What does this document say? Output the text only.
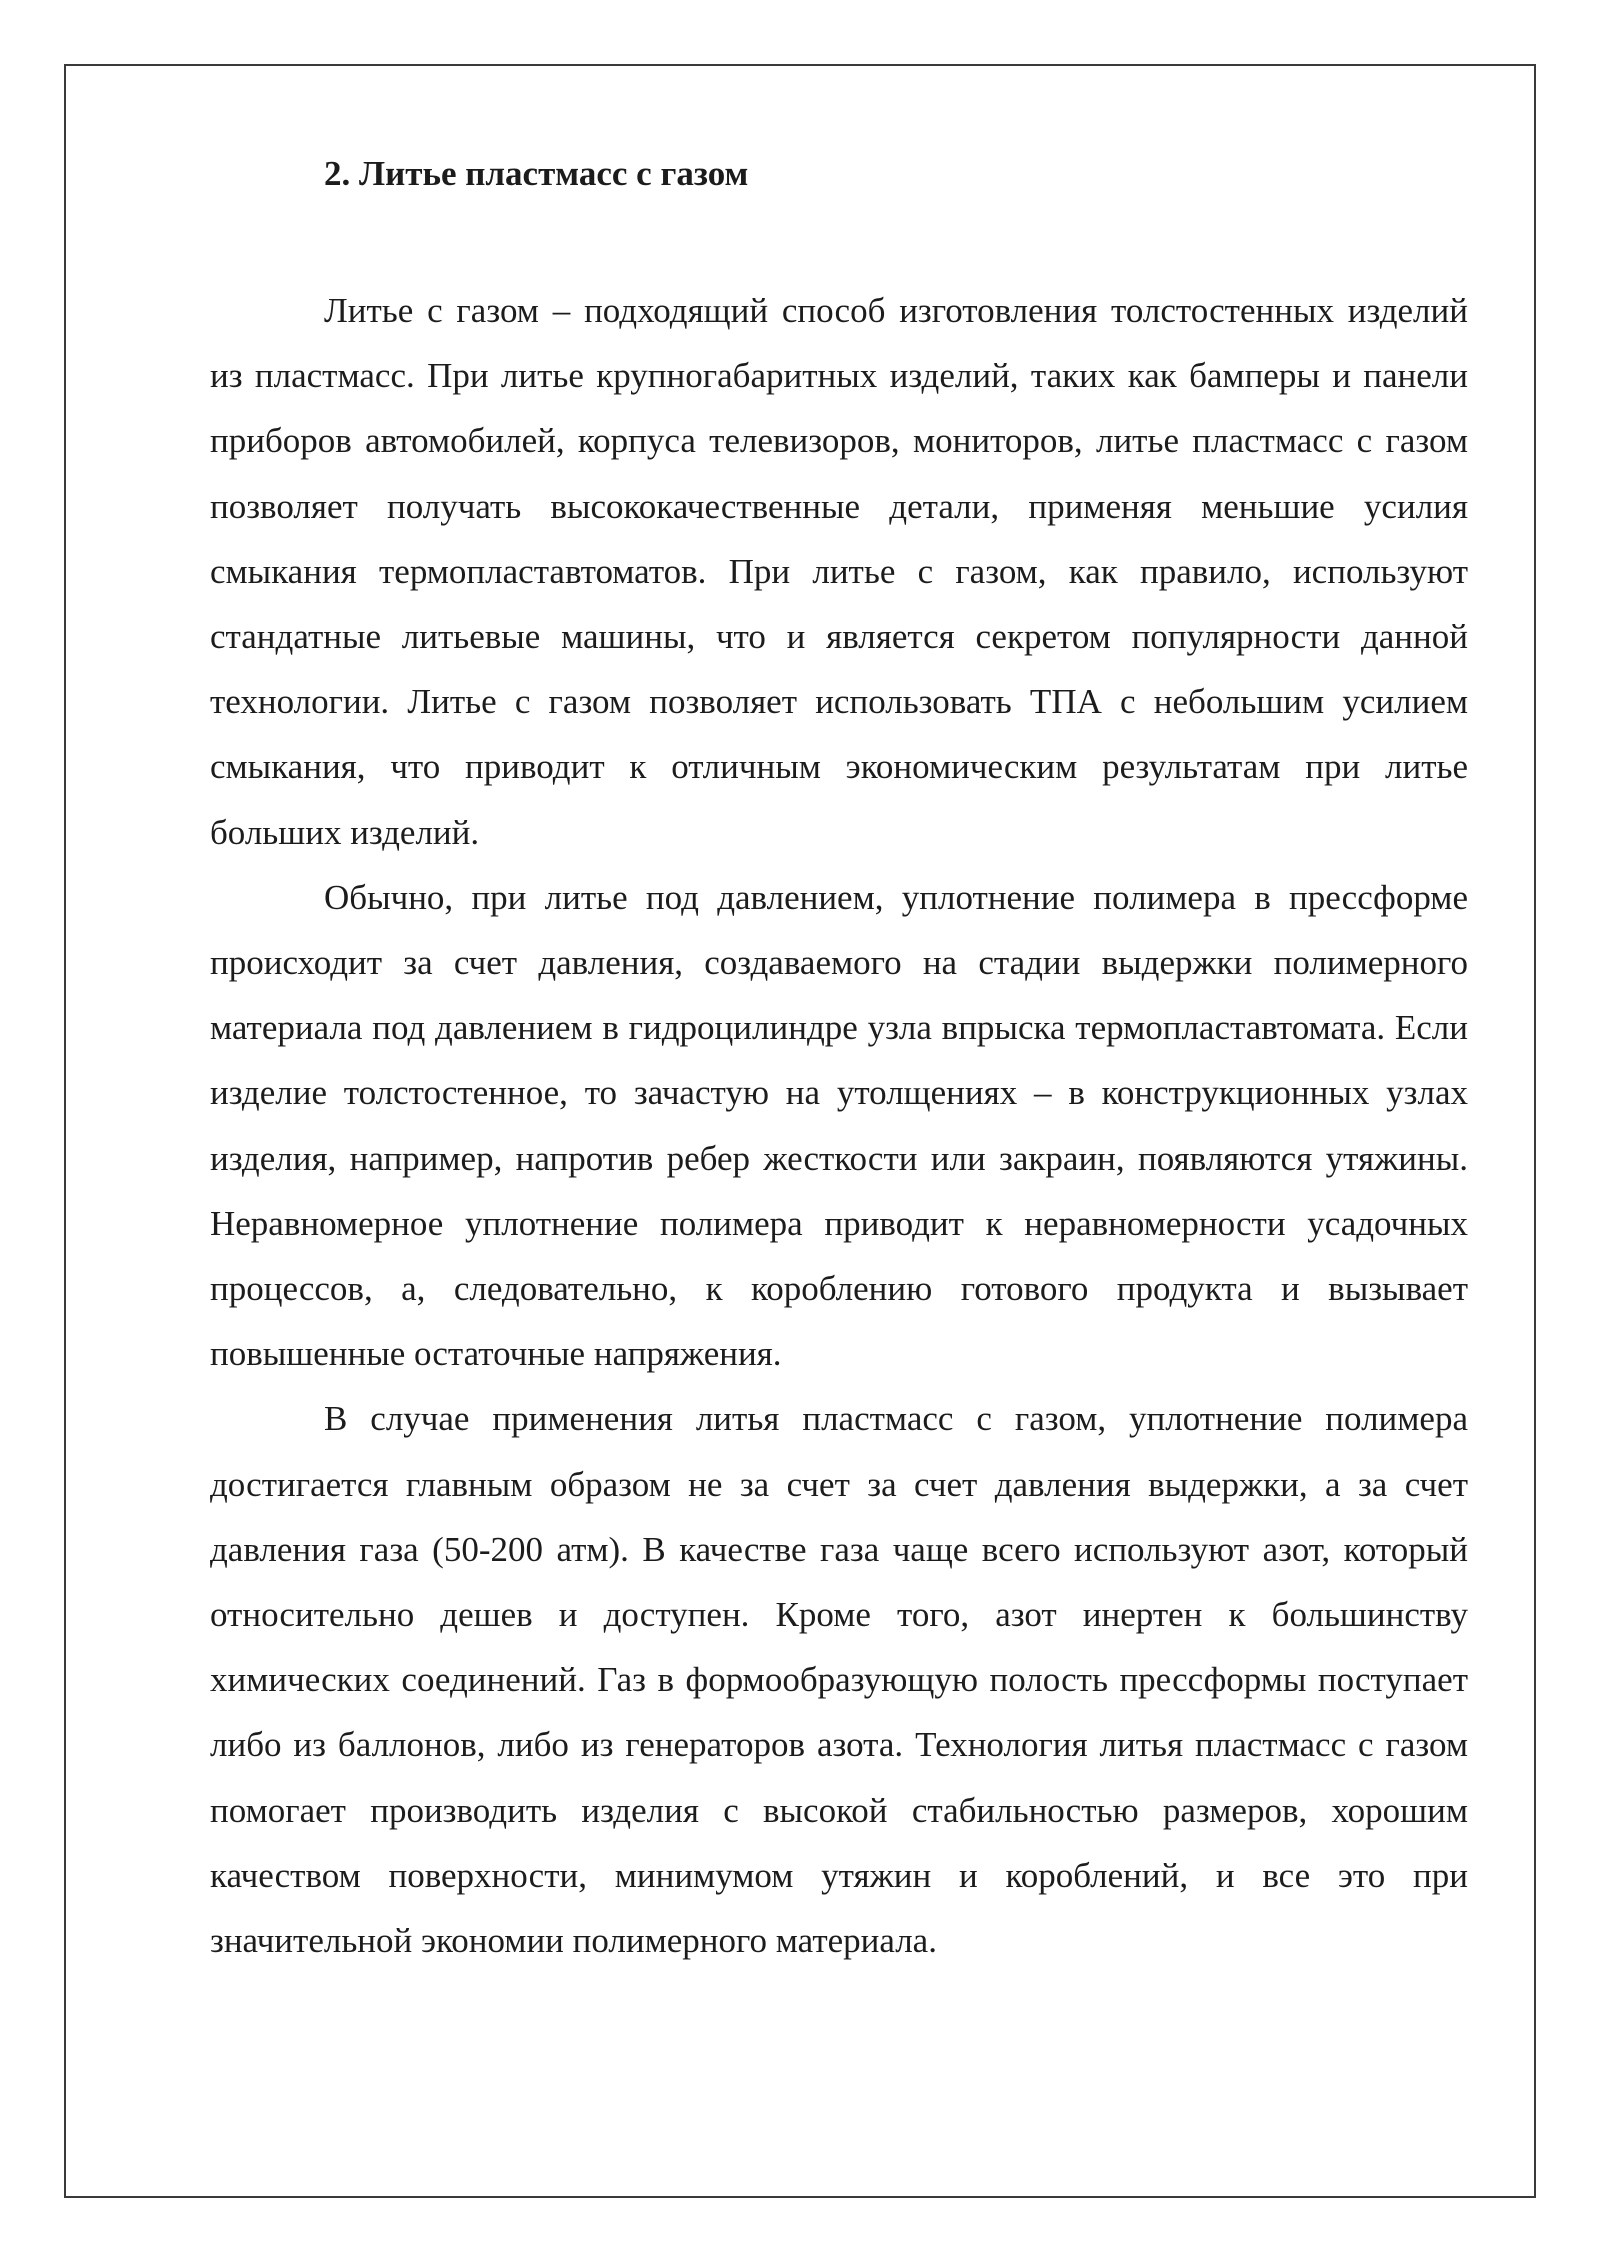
2. Литье пластмасс с газом

Литье с газом – подходящий способ изготовления толстостенных изделий из пластмасс. При литье крупногабаритных изделий, таких как бамперы и панели приборов автомобилей, корпуса телевизоров, мониторов, литье пластмасс с газом позволяет получать высококачественные детали, применяя меньшие усилия смыкания термопластавтоматов. При литье с газом, как правило, используют стандатные литьевые машины, что и является секретом популярности данной технологии. Литье с газом позволяет использовать ТПА с небольшим усилием смыкания, что приводит к отличным экономическим результатам при литье больших изделий.

Обычно, при литье под давлением, уплотнение полимера в прессформе происходит за счет давления, создаваемого на стадии выдержки полимерного материала под давлением в гидроцилиндре узла впрыска термопластавтомата. Если изделие толстостенное, то зачастую на утолщениях – в конструкционных узлах изделия, например, напротив ребер жесткости или закраин, появляются утяжины. Неравномерное уплотнение полимера приводит к неравномерности усадочных процессов, а, следовательно, к короблению готового продукта и вызывает повышенные остаточные напряжения.

В случае применения литья пластмасс с газом, уплотнение полимера достигается главным образом не за счет за счет давления выдержки, а за счет давления газа (50-200 атм). В качестве газа чаще всего используют азот, который относительно дешев и доступен. Кроме того, азот инертен к большинству химических соединений. Газ в формообразующую полость прессформы поступает либо из баллонов, либо из генераторов азота. Технология литья пластмасс с газом помогает производить изделия с высокой стабильностью размеров, хорошим качеством поверхности, минимумом утяжин и короблений, и все это при значительной экономии полимерного материала.
